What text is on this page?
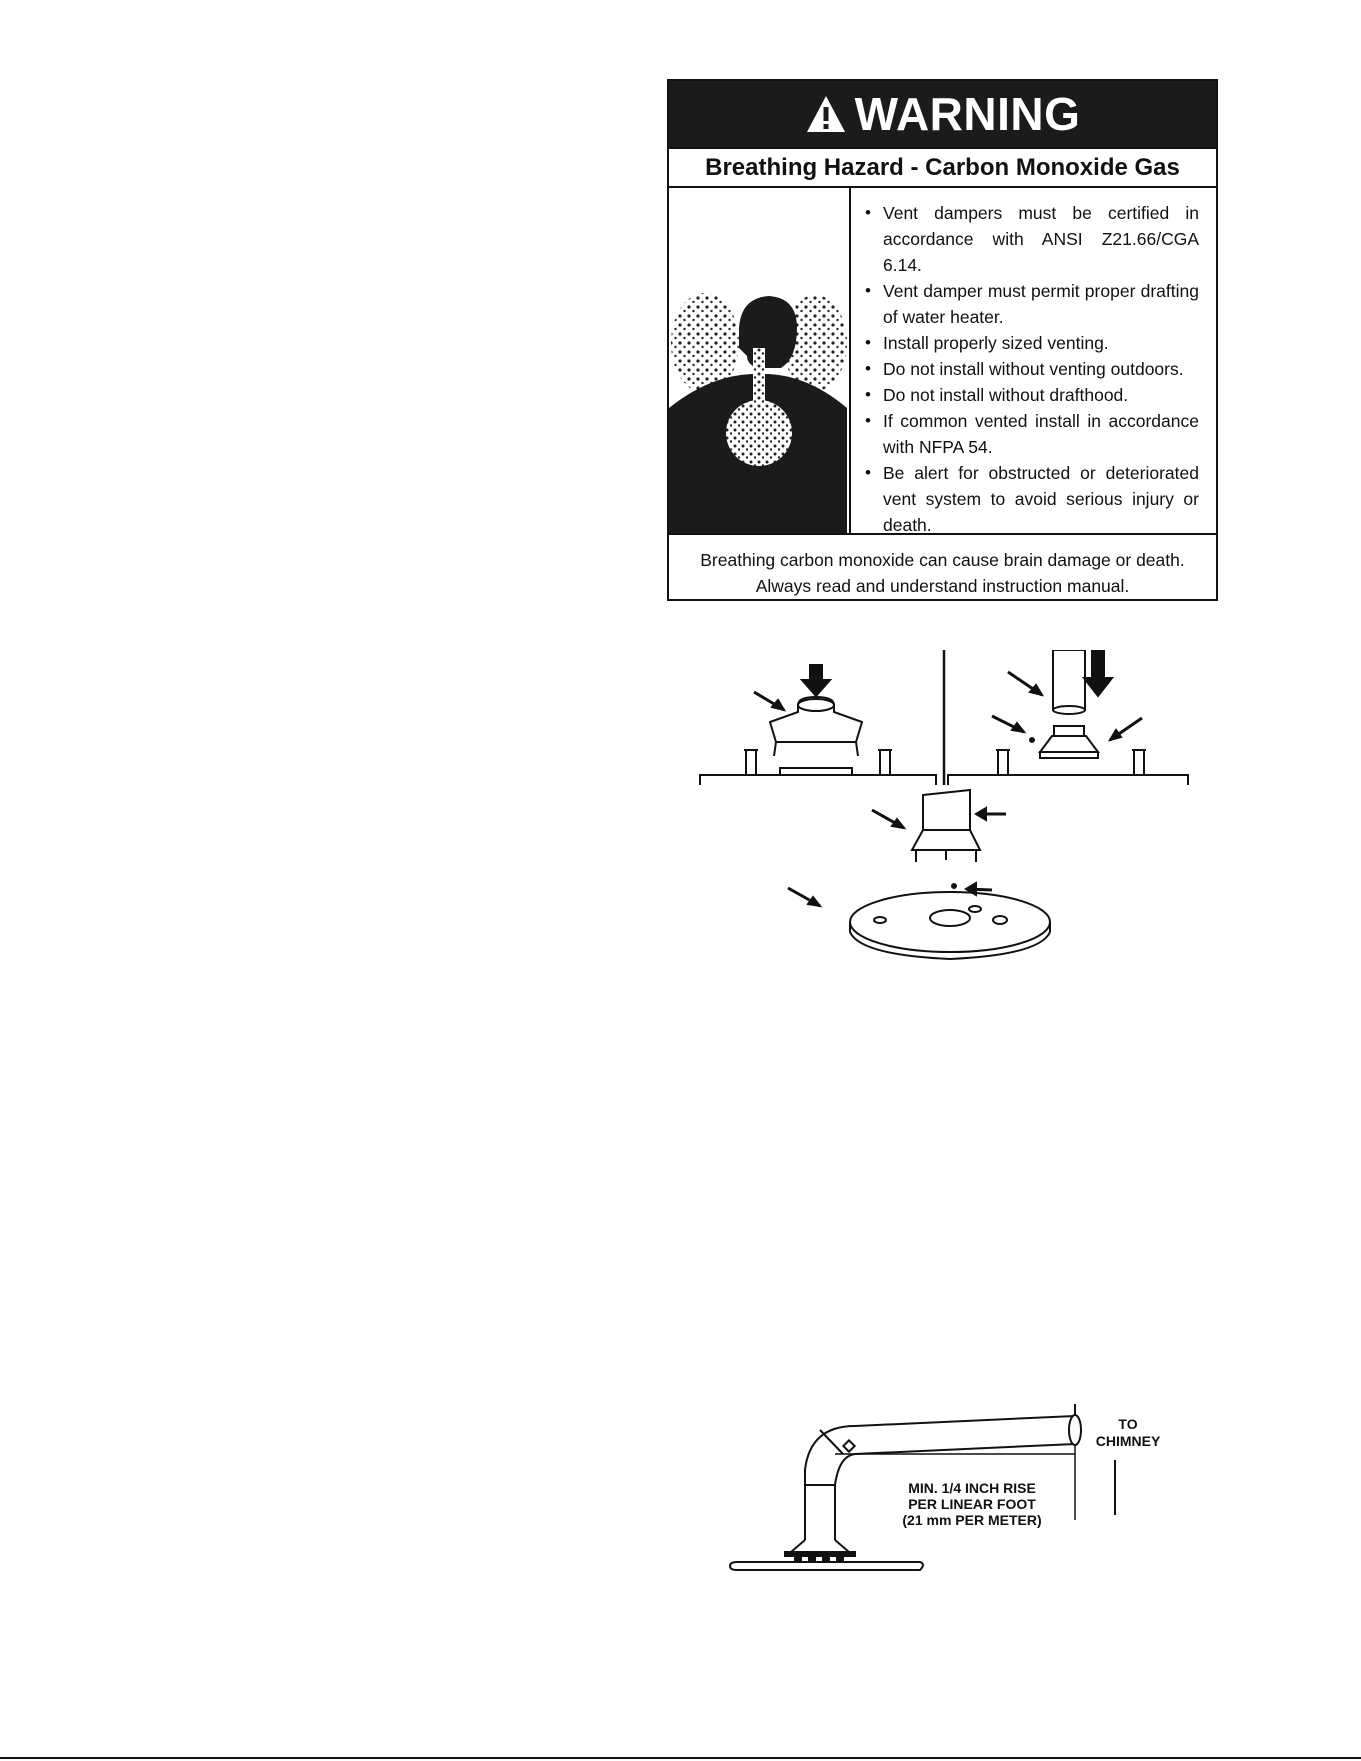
WARNING
Breathing Hazard - Carbon Monoxide Gas
• Vent dampers must be certified in accordance with ANSI Z21.66/CGA 6.14.
• Vent damper must permit proper drafting of water heater.
• Install properly sized venting.
• Do not install without venting outdoors.
• Do not install without drafthood.
• If common vented install in accordance with NFPA 54.
• Be alert for obstructed or deteriorated vent system to avoid serious injury or death.
Breathing carbon monoxide can cause brain damage or death.
Always read and understand instruction manual.
TO CHIMNEY
MIN. 1/4 INCH RISE
PER LINEAR FOOT
(21 mm PER METER)
